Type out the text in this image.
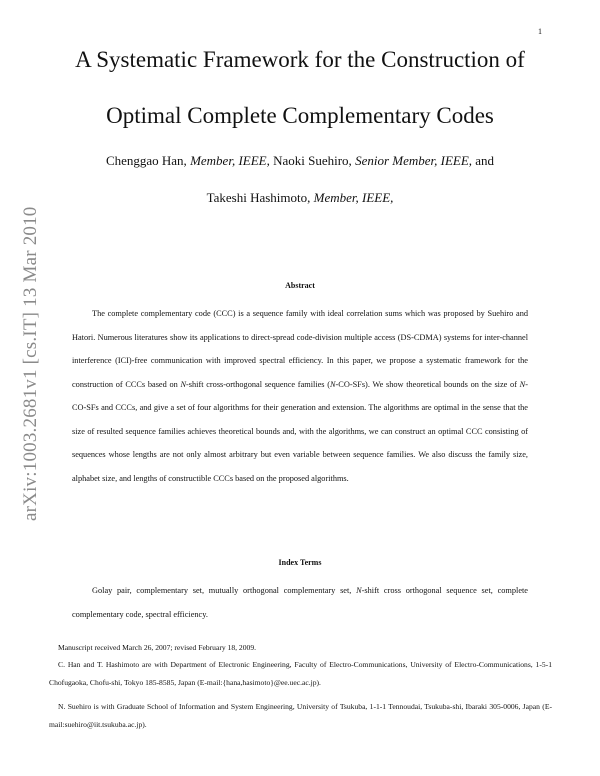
1
arXiv:1003.2681v1 [cs.IT] 13 Mar 2010
A Systematic Framework for the Construction of
Optimal Complete Complementary Codes
Chenggao Han, Member, IEEE, Naoki Suehiro, Senior Member, IEEE, and
Takeshi Hashimoto, Member, IEEE,
Abstract

The complete complementary code (CCC) is a sequence family with ideal correlation sums which was proposed by Suehiro and Hatori. Numerous literatures show its applications to direct-spread code-division multiple access (DS-CDMA) systems for inter-channel interference (ICI)-free communication with improved spectral efficiency. In this paper, we propose a systematic framework for the construction of CCCs based on N-shift cross-orthogonal sequence families (N-CO-SFs). We show theoretical bounds on the size of N-CO-SFs and CCCs, and give a set of four algorithms for their generation and extension. The algorithms are optimal in the sense that the size of resulted sequence families achieves theoretical bounds and, with the algorithms, we can construct an optimal CCC consisting of sequences whose lengths are not only almost arbitrary but even variable between sequence families. We also discuss the family size, alphabet size, and lengths of constructible CCCs based on the proposed algorithms.

Index Terms

Golay pair, complementary set, mutually orthogonal complementary set, N-shift cross orthogonal sequence set, complete complementary code, spectral efficiency.

Manuscript received March 26, 2007; revised February 18, 2009.

C. Han and T. Hashimoto are with Department of Electronic Engineering, Faculty of Electro-Communications, University of Electro-Communications, 1-5-1 Chofugaoka, Chofu-shi, Tokyo 185-8585, Japan (E-mail:{hana,hasimoto}@ee.uec.ac.jp).

N. Suehiro is with Graduate School of Information and System Engineering, University of Tsukuba, 1-1-1 Tennoudai, Tsukuba-shi, Ibaraki 305-0006, Japan (E-mail:suehiro@iit.tsukuba.ac.jp).
